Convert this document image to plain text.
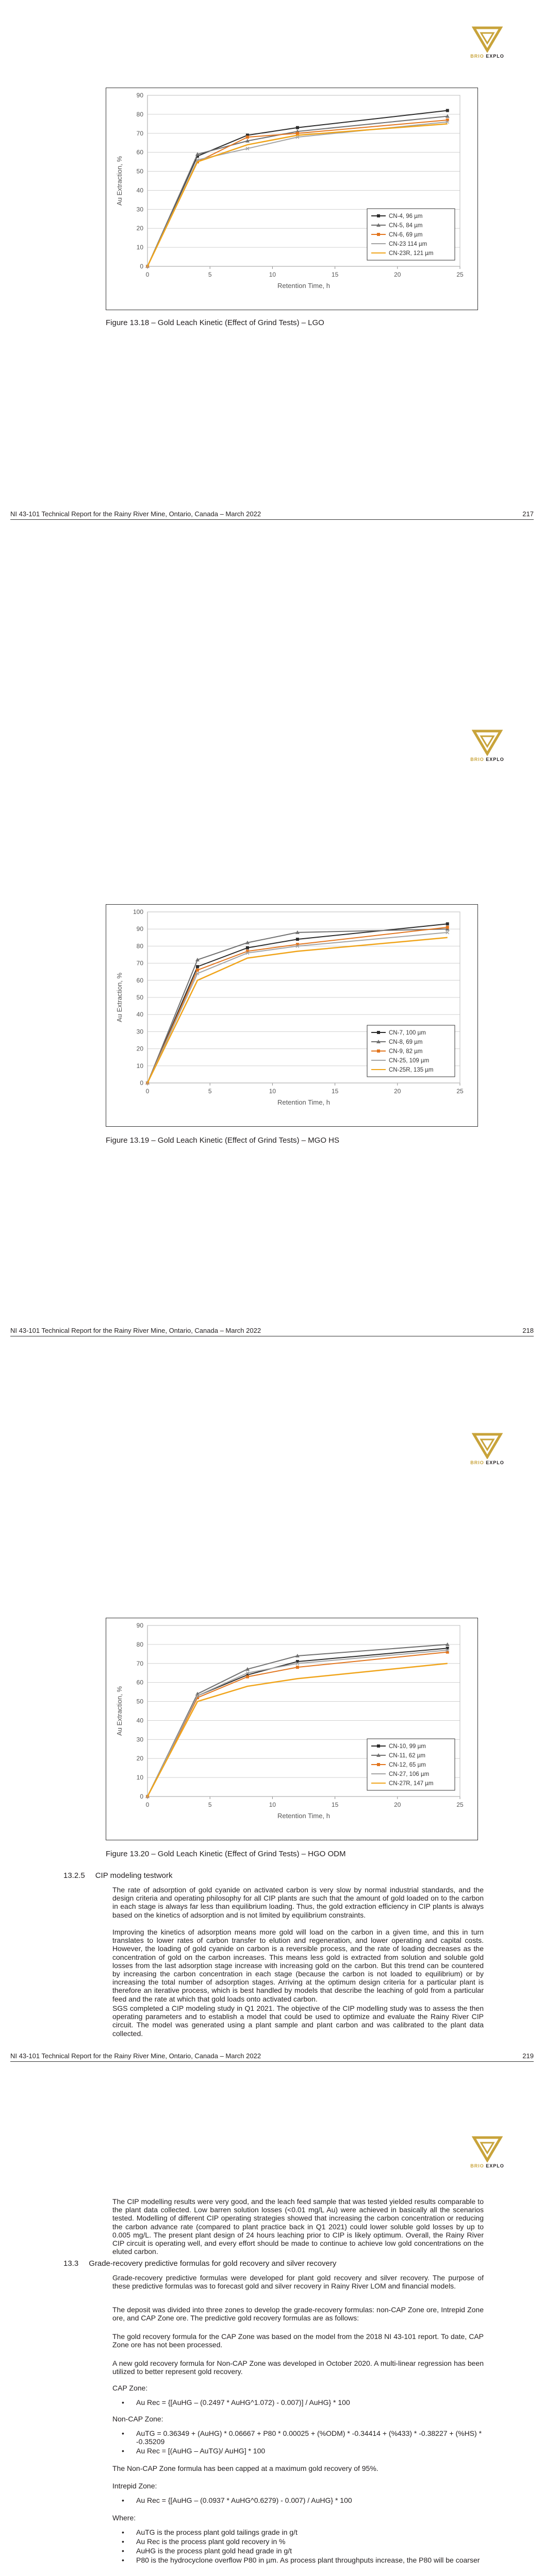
BRIO EXPLO
0
10
20
30
40
50
60
70
80
90
0	5	10	15	20	25
Retention Time, h
Au Extraction, %
CN-4, 96 µm
CN-5, 84 µm
CN-6, 69 µm
CN-23 114 µm
CN-23R, 121 µm
Figure 13.18 – Gold Leach Kinetic (Effect of Grind Tests) – LGO
NI 43-101 Technical Report for the Rainy River Mine, Ontario, Canada – March 2022	217
BRIO EXPLO
0
10
20
30
40
50
60
70
80
90
100
0	5	10	15	20	25
Retention Time, h
Au Extraction, %
CN-7, 100 µm
CN-8, 69 µm
CN-9, 82 µm
CN-25, 109 µm
CN-25R, 135 µm
Figure 13.19 – Gold Leach Kinetic (Effect of Grind Tests) – MGO HS
NI 43-101 Technical Report for the Rainy River Mine, Ontario, Canada – March 2022	218
BRIO EXPLO
0
10
20
30
40
50
60
70
80
90
0	5	10	15	20	25
Retention Time, h
Au Extraction, %
CN-10, 99 µm
CN-11, 62 µm
CN-12, 65 µm
CN-27, 106 µm
CN-27R, 147 µm
Figure 13.20 – Gold Leach Kinetic (Effect of Grind Tests) – HGO ODM
13.2.5 CIP modeling testwork
The rate of adsorption of gold cyanide on activated carbon is very slow by normal industrial standards, and the design criteria and operating philosophy for all CIP plants are such that the amount of gold loaded on to the carbon in each stage is always far less than equilibrium loading. Thus, the gold extraction efficiency in CIP plants is always based on the kinetics of adsorption and is not limited by equilibrium constraints.
Improving the kinetics of adsorption means more gold will load on the carbon in a given time, and this in turn translates to lower rates of carbon transfer to elution and regeneration, and lower operating and capital costs. However, the loading of gold cyanide on carbon is a reversible process, and the rate of loading decreases as the concentration of gold on the carbon increases. This means less gold is extracted from solution and soluble gold losses from the last adsorption stage increase with increasing gold on the carbon. But this trend can be countered by increasing the carbon concentration in each stage (because the carbon is not loaded to equilibrium) or by increasing the total number of adsorption stages. Arriving at the optimum design criteria for a particular plant is therefore an iterative process, which is best handled by models that describe the leaching of gold from a particular feed and the rate at which that gold loads onto activated carbon.
SGS completed a CIP modeling study in Q1 2021. The objective of the CIP modelling study was to assess the then operating parameters and to establish a model that could be used to optimize and evaluate the Rainy River CIP circuit. The model was generated using a plant sample and plant carbon and was calibrated to the plant data collected.
NI 43-101 Technical Report for the Rainy River Mine, Ontario, Canada – March 2022	219
BRIO EXPLO
The CIP modelling results were very good, and the leach feed sample that was tested yielded results comparable to the plant data collected. Low barren solution losses (<0.01 mg/L Au) were achieved in basically all the scenarios tested. Modelling of different CIP operating strategies showed that increasing the carbon concentration or reducing the carbon advance rate (compared to plant practice back in Q1 2021) could lower soluble gold losses by up to 0.005 mg/L. The present plant design of 24 hours leaching prior to CIP is likely optimum. Overall, the Rainy River CIP circuit is operating well, and every effort should be made to continue to achieve low gold concentrations on the eluted carbon.
13.3 Grade-recovery predictive formulas for gold recovery and silver recovery
Grade-recovery predictive formulas were developed for plant gold recovery and silver recovery. The purpose of these predictive formulas was to forecast gold and silver recovery in Rainy River LOM and financial models.
The deposit was divided into three zones to develop the grade-recovery formulas: non-CAP Zone ore, Intrepid Zone ore, and CAP Zone ore. The predictive gold recovery formulas are as follows:
The gold recovery formula for the CAP Zone was based on the model from the 2018 NI 43-101 report. To date, CAP Zone ore has not been processed.
A new gold recovery formula for Non-CAP Zone was developed in October 2020. A multi-linear regression has been utilized to better represent gold recovery.
CAP Zone:
• Au Rec = {[AuHG – (0.2497 * AuHG^1.072) - 0.007)] / AuHG} * 100
Non-CAP Zone:
•	AuTG = 0.36349 + (AuHG) * 0.06667 + P80 * 0.00025 + (%ODM) * -0.34414 + (%433) * -0.38227 + (%HS) * -0.35209
• Au Rec = [(AuHG – AuTG)/ AuHG] * 100
The Non-CAP Zone formula has been capped at a maximum gold recovery of 95%.
Intrepid Zone:
• Au Rec = {[AuHG – (0.0937 * AuHG^0.6279) - 0.007) / AuHG} * 100
Where:
• AuTG is the process plant gold tailings grade in g/t
• Au Rec is the process plant gold recovery in %
• AuHG is the process plant gold head grade in g/t
•	P80 is the hydrocyclone overflow P80 in µm. As process plant throughputs increase, the P80 will be coarser
